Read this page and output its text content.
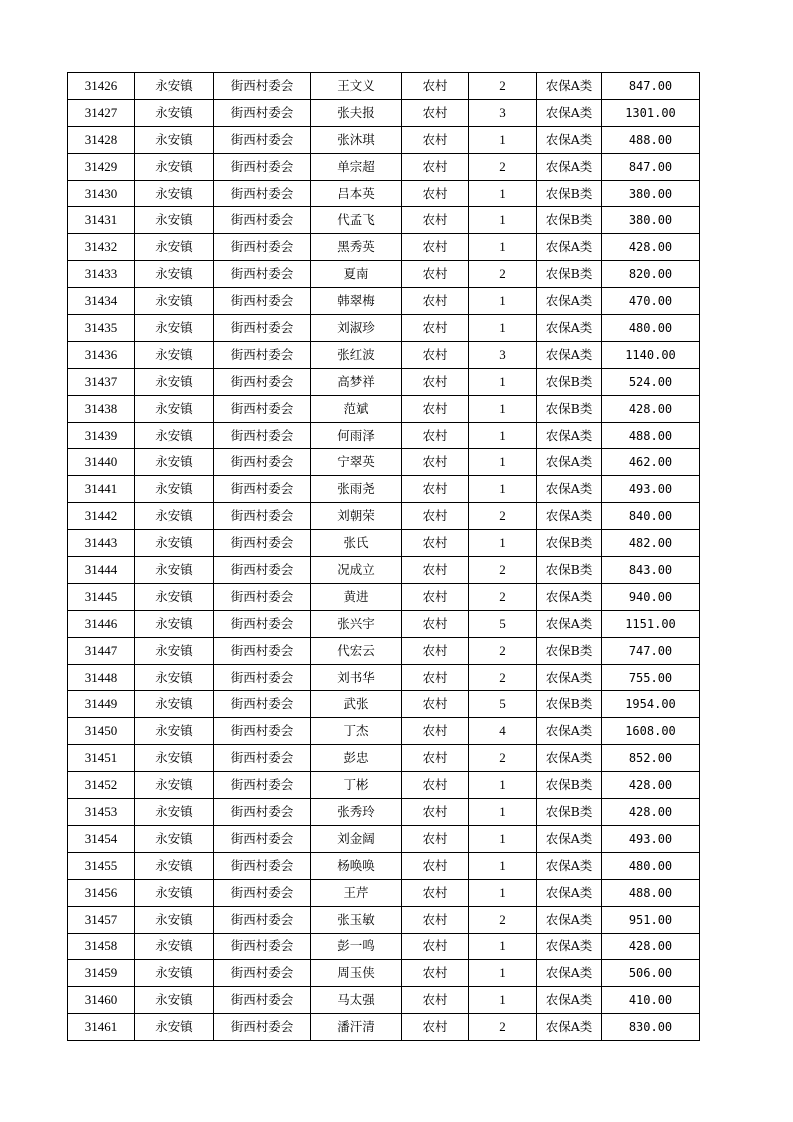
31426	永安镇	街西村委会	王文义	农村	2	农保A类	847.00
31427	永安镇	街西村委会	张夫报	农村	3	农保A类	1301.00
31428	永安镇	街西村委会	张沐琪	农村	1	农保A类	488.00
31429	永安镇	街西村委会	单宗超	农村	2	农保A类	847.00
31430	永安镇	街西村委会	吕本英	农村	1	农保B类	380.00
31431	永安镇	街西村委会	代孟飞	农村	1	农保B类	380.00
31432	永安镇	街西村委会	黑秀英	农村	1	农保A类	428.00
31433	永安镇	街西村委会	夏南	农村	2	农保B类	820.00
31434	永安镇	街西村委会	韩翠梅	农村	1	农保A类	470.00
31435	永安镇	街西村委会	刘淑珍	农村	1	农保A类	480.00
31436	永安镇	街西村委会	张红波	农村	3	农保A类	1140.00
31437	永安镇	街西村委会	高梦祥	农村	1	农保B类	524.00
31438	永安镇	街西村委会	范斌	农村	1	农保B类	428.00
31439	永安镇	街西村委会	何雨泽	农村	1	农保A类	488.00
31440	永安镇	街西村委会	宁翠英	农村	1	农保A类	462.00
31441	永安镇	街西村委会	张雨尧	农村	1	农保A类	493.00
31442	永安镇	街西村委会	刘朝荣	农村	2	农保A类	840.00
31443	永安镇	街西村委会	张氏	农村	1	农保B类	482.00
31444	永安镇	街西村委会	况成立	农村	2	农保B类	843.00
31445	永安镇	街西村委会	黄进	农村	2	农保A类	940.00
31446	永安镇	街西村委会	张兴宇	农村	5	农保A类	1151.00
31447	永安镇	街西村委会	代宏云	农村	2	农保B类	747.00
31448	永安镇	街西村委会	刘书华	农村	2	农保A类	755.00
31449	永安镇	街西村委会	武张	农村	5	农保B类	1954.00
31450	永安镇	街西村委会	丁杰	农村	4	农保A类	1608.00
31451	永安镇	街西村委会	彭忠	农村	2	农保A类	852.00
31452	永安镇	街西村委会	丁彬	农村	1	农保B类	428.00
31453	永安镇	街西村委会	张秀玲	农村	1	农保B类	428.00
31454	永安镇	街西村委会	刘金阔	农村	1	农保A类	493.00
31455	永安镇	街西村委会	杨唤唤	农村	1	农保A类	480.00
31456	永安镇	街西村委会	王芹	农村	1	农保A类	488.00
31457	永安镇	街西村委会	张玉敏	农村	2	农保A类	951.00
31458	永安镇	街西村委会	彭一鸣	农村	1	农保A类	428.00
31459	永安镇	街西村委会	周玉侠	农村	1	农保A类	506.00
31460	永安镇	街西村委会	马太强	农村	1	农保A类	410.00
31461	永安镇	街西村委会	潘汗清	农村	2	农保A类	830.00
